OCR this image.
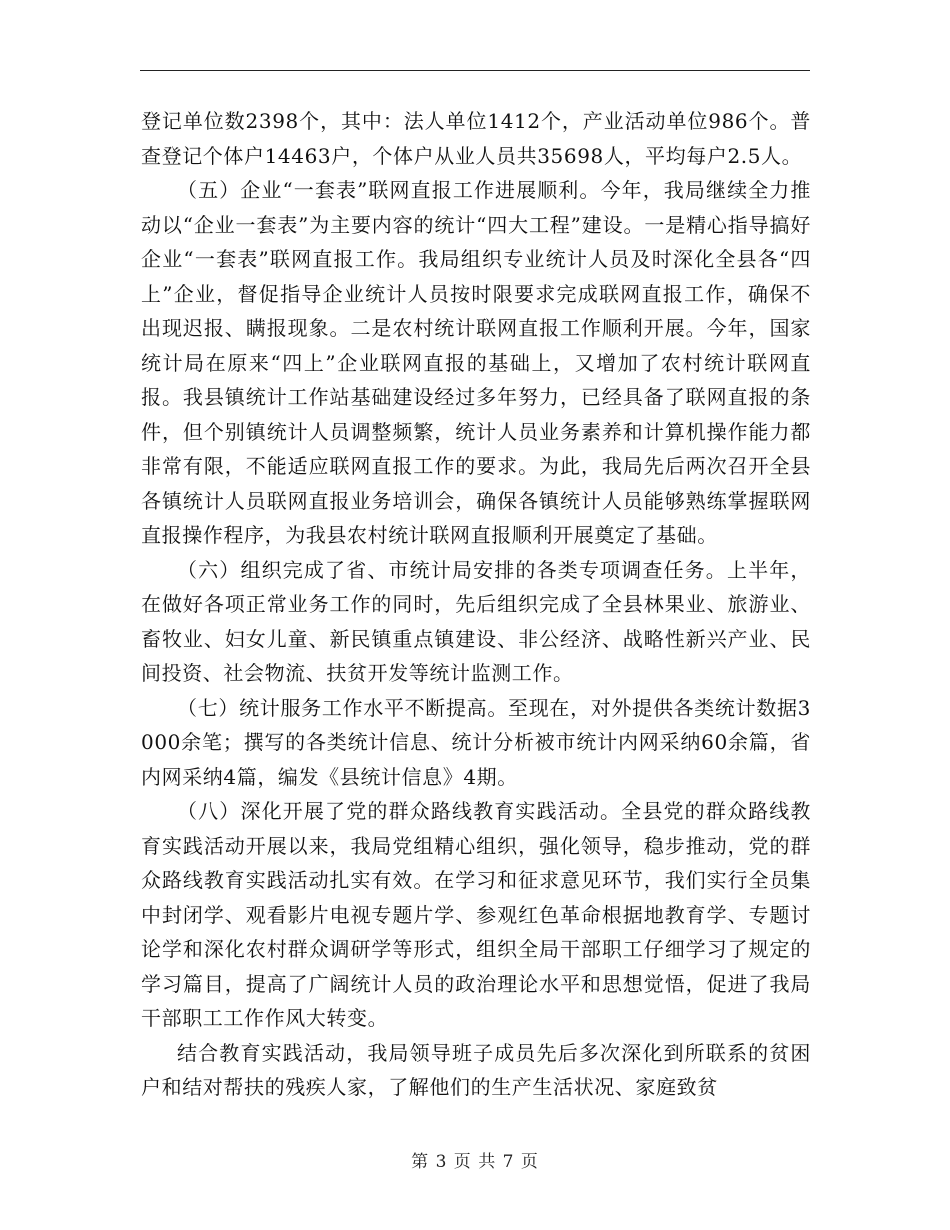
登记单位数2398个，其中：法人单位1412个，产业活动单位986个。普查登记个体户14463户，个体户从业人员共35698人，平均每户2.5人。

（五）企业“一套表”联网直报工作进展顺利。今年，我局继续全力推动以“企业一套表”为主要内容的统计“四大工程”建设。一是精心指导搞好企业“一套表”联网直报工作。我局组织专业统计人员及时深化全县各“四上”企业，督促指导企业统计人员按时限要求完成联网直报工作，确保不出现迟报、瞒报现象。二是农村统计联网直报工作顺利开展。今年，国家统计局在原来“四上”企业联网直报的基础上，又增加了农村统计联网直报。我县镇统计工作站基础建设经过多年努力，已经具备了联网直报的条件，但个别镇统计人员调整频繁，统计人员业务素养和计算机操作能力都非常有限，不能适应联网直报工作的要求。为此，我局先后两次召开全县各镇统计人员联网直报业务培训会，确保各镇统计人员能够熟练掌握联网直报操作程序，为我县农村统计联网直报顺利开展奠定了基础。

（六）组织完成了省、市统计局安排的各类专项调查任务。上半年，在做好各项正常业务工作的同时，先后组织完成了全县林果业、旅游业、畜牧业、妇女儿童、新民镇重点镇建设、非公经济、战略性新兴产业、民间投资、社会物流、扶贫开发等统计监测工作。

（七）统计服务工作水平不断提高。至现在，对外提供各类统计数据3000余笔；撰写的各类统计信息、统计分析被市统计内网采纳60余篇，省内网采纳4篇，编发《县统计信息》4期。

（八）深化开展了党的群众路线教育实践活动。全县党的群众路线教育实践活动开展以来，我局党组精心组织，强化领导，稳步推动，党的群众路线教育实践活动扎实有效。在学习和征求意见环节，我们实行全员集中封闭学、观看影片电视专题片学、参观红色革命根据地教育学、专题讨论学和深化农村群众调研学等形式，组织全局干部职工仔细学习了规定的学习篇目，提高了广阔统计人员的政治理论水平和思想觉悟，促进了我局干部职工工作作风大转变。

结合教育实践活动，我局领导班子成员先后多次深化到所联系的贫困户和结对帮扶的残疾人家，了解他们的生产生活状况、家庭致贫

第 3 页 共 7 页
